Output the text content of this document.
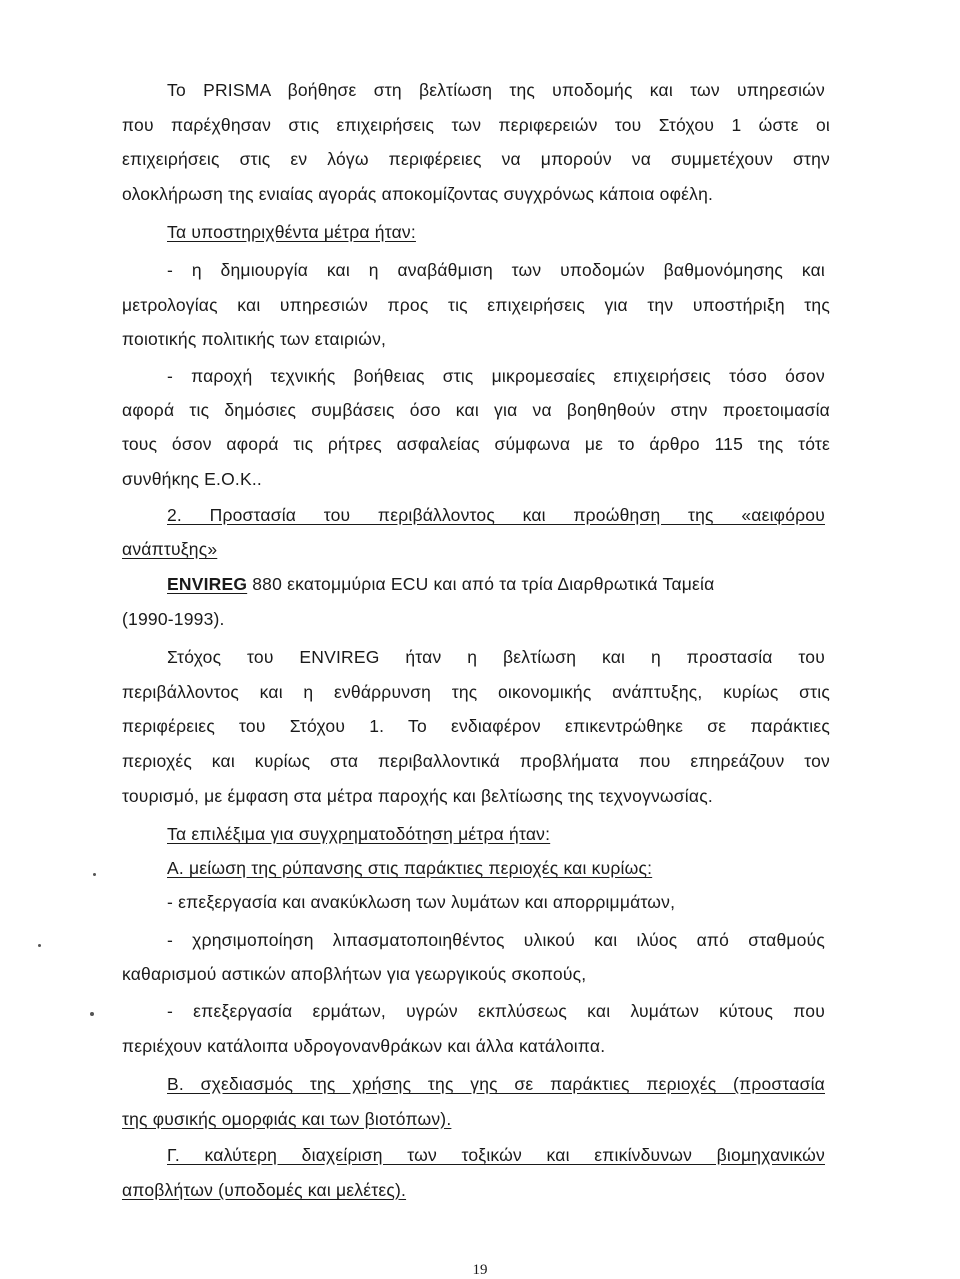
Το PRISMA βοήθησε στη βελτίωση της υποδομής και των υπηρεσιών
που παρέχθησαν στις επιχειρήσεις των περιφερειών του Στόχου 1 ώστε οι
επιχειρήσεις στις εν λόγω περιφέρειες να μπορούν να συμμετέχουν στην
ολοκλήρωση της ενιαίας αγοράς αποκομίζοντας συγχρόνως κάποια οφέλη.
Τα υποστηριχθέντα μέτρα ήταν:
- η δημιουργία και η αναβάθμιση των υποδομών βαθμονόμησης και
μετρολογίας και υπηρεσιών προς τις επιχειρήσεις για την υποστήριξη της
ποιοτικής πολιτικής των εταιριών,
- παροχή τεχνικής βοήθειας στις μικρομεσαίες επιχειρήσεις τόσο όσον
αφορά τις δημόσιες συμβάσεις όσο και για να βοηθηθούν στην προετοιμασία
τους όσον αφορά τις ρήτρες ασφαλείας σύμφωνα με το άρθρο 115 της τότε
συνθήκης Ε.Ο.Κ..
2. Προστασία του περιβάλλοντος και προώθηση της «αειφόρου
ανάπτυξης»
ENVIREG 880 εκατομμύρια ECU και από τα τρία Διαρθρωτικά Ταμεία
(1990-1993).
Στόχος του ENVIREG ήταν η βελτίωση και η προστασία του
περιβάλλοντος και η ενθάρρυνση της οικονομικής ανάπτυξης, κυρίως στις
περιφέρειες του Στόχου 1. Το ενδιαφέρον επικεντρώθηκε σε παράκτιες
περιοχές και κυρίως στα περιβαλλοντικά προβλήματα που επηρεάζουν τον
τουρισμό, με έμφαση στα μέτρα παροχής και βελτίωσης της τεχνογνωσίας.
Τα επιλέξιμα για συγχρηματοδότηση μέτρα ήταν:
Α. μείωση της ρύπανσης στις παράκτιες περιοχές και κυρίως:
- επεξεργασία και ανακύκλωση των λυμάτων και απορριμμάτων,
- χρησιμοποίηση λιπασματοποιηθέντος υλικού και ιλύος από σταθμούς
καθαρισμού αστικών αποβλήτων για γεωργικούς σκοπούς,
- επεξεργασία ερμάτων, υγρών εκπλύσεως και λυμάτων κύτους που
περιέχουν κατάλοιπα υδρογονανθράκων και άλλα κατάλοιπα.
Β. σχεδιασμός της χρήσης της γης σε παράκτιες περιοχές (προστασία
της φυσικής ομορφιάς και των βιοτόπων).
Γ. καλύτερη διαχείριση των τοξικών και επικίνδυνων βιομηχανικών
αποβλήτων (υποδομές και μελέτες).
19
